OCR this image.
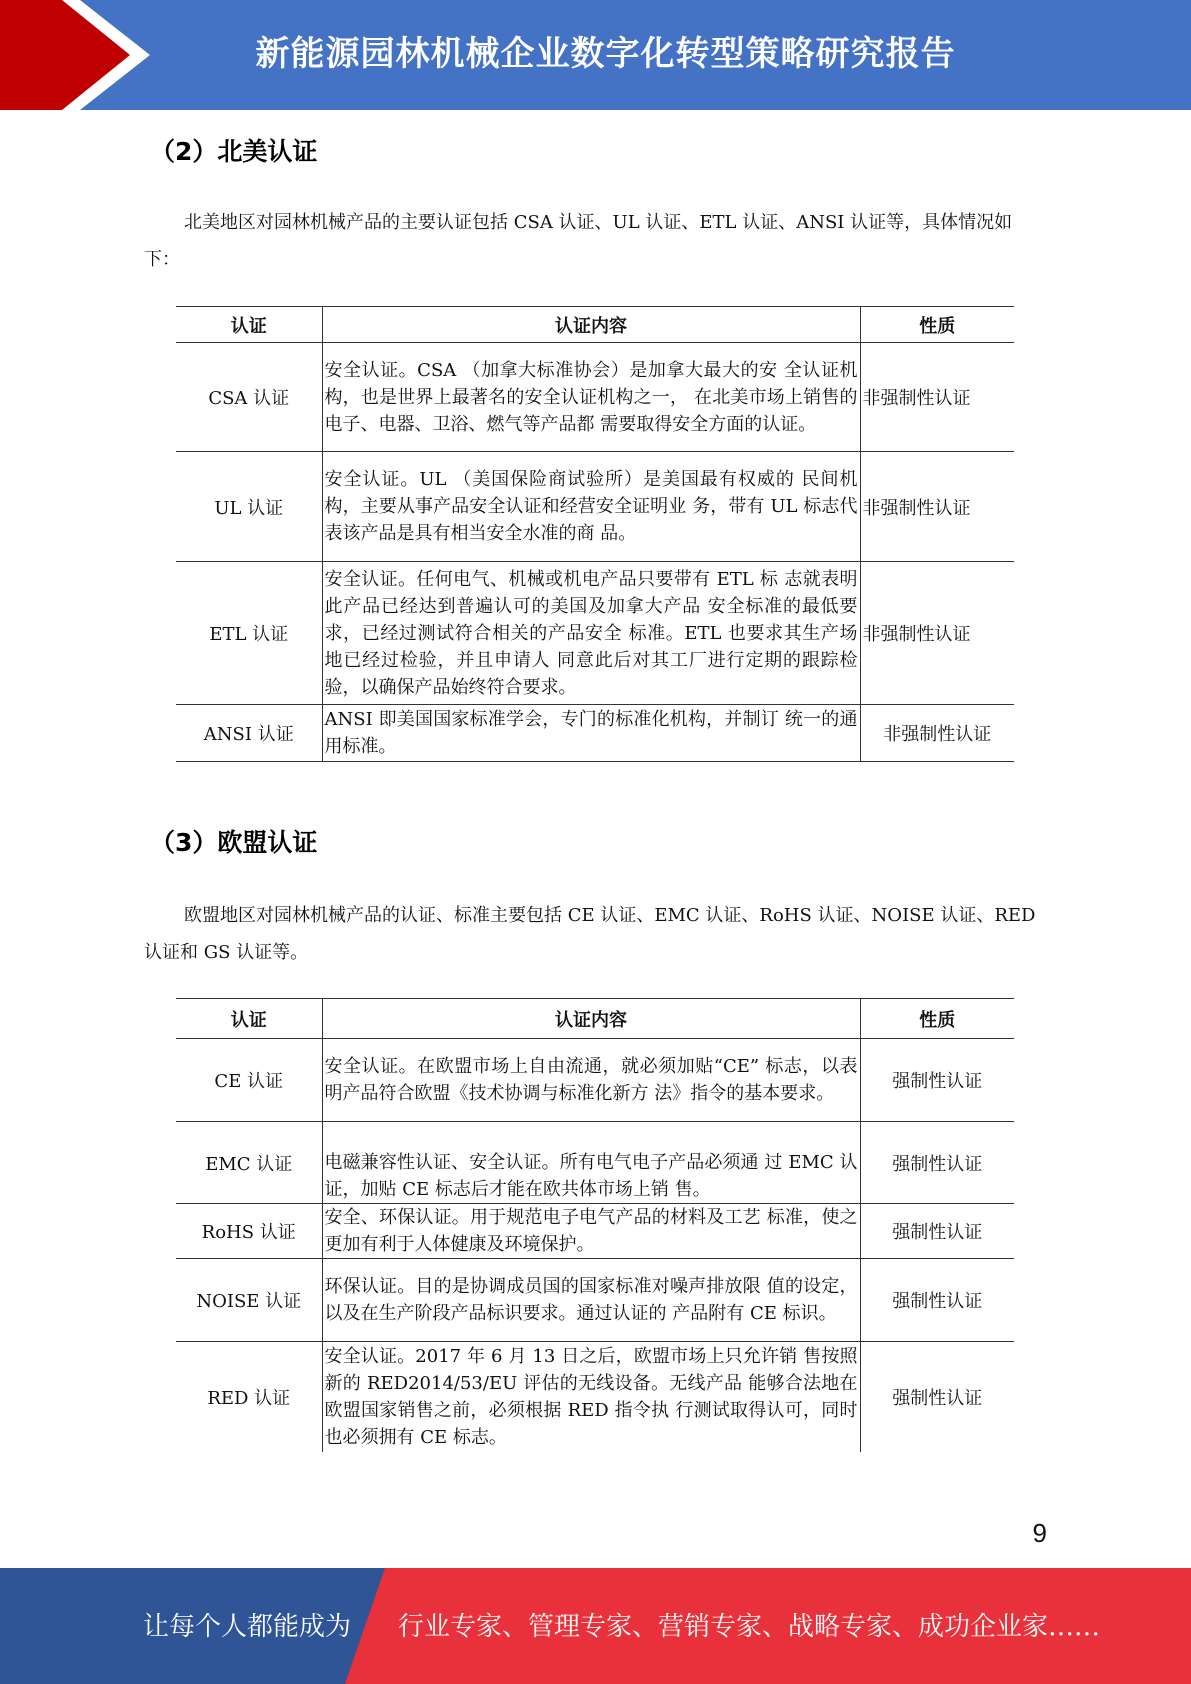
新能源园林机械企业数字化转型策略研究报告
（2）北美认证
北美地区对园林机械产品的主要认证包括 CSA 认证、UL 认证、ETL 认证、ANSI 认证等，具体情况如下：
认证	认证内容	性质
CSA 认证	安全认证。CSA （加拿大标准协会）是加拿大最大的安 全认证机构，也是世界上最著名的安全认证机构之一， 在北美市场上销售的电子、电器、卫浴、燃气等产品都 需要取得安全方面的认证。	非强制性认证
UL 认证	安全认证。UL （美国保险商试验所）是美国最有权威的 民间机构，主要从事产品安全认证和经营安全证明业 务，带有 UL 标志代表该产品是具有相当安全水准的商 品。	非强制性认证
ETL 认证	安全认证。任何电气、机械或机电产品只要带有 ETL 标 志就表明此产品已经达到普遍认可的美国及加拿大产品 安全标准的最低要求，已经过测试符合相关的产品安全 标准。ETL 也要求其生产场地已经过检验，并且申请人 同意此后对其工厂进行定期的跟踪检验，以确保产品始终符合要求。	非强制性认证
ANSI 认证	ANSI 即美国国家标准学会，专门的标准化机构，并制订 统一的通用标准。	非强制性认证
（3）欧盟认证
欧盟地区对园林机械产品的认证、标准主要包括 CE 认证、EMC 认证、RoHS 认证、NOISE 认证、RED 认证和 GS 认证等。
认证	认证内容	性质
CE 认证	安全认证。在欧盟市场上自由流通，就必须加贴“CE” 标志，以表明产品符合欧盟《技术协调与标准化新方 法》指令的基本要求。	强制性认证
EMC 认证	电磁兼容性认证、安全认证。所有电气电子产品必须通 过 EMC 认证，加贴 CE 标志后才能在欧共体市场上销 售。	强制性认证
RoHS 认证	安全、环保认证。用于规范电子电气产品的材料及工艺 标准，使之更加有利于人体健康及环境保护。	强制性认证
NOISE 认证	环保认证。目的是协调成员国的国家标准对噪声排放限 值的设定，以及在生产阶段产品标识要求。通过认证的 产品附有 CE 标识。	强制性认证
RED 认证	安全认证。2017 年 6 月 13 日之后，欧盟市场上只允许销 售按照新的 RED2014/53/EU 评估的无线设备。无线产品 能够合法地在欧盟国家销售之前，必须根据 RED 指令执 行测试取得认可，同时也必须拥有 CE 标志。	强制性认证
9
让每个人都能成为 行业专家、管理专家、营销专家、战略专家、成功企业家……
